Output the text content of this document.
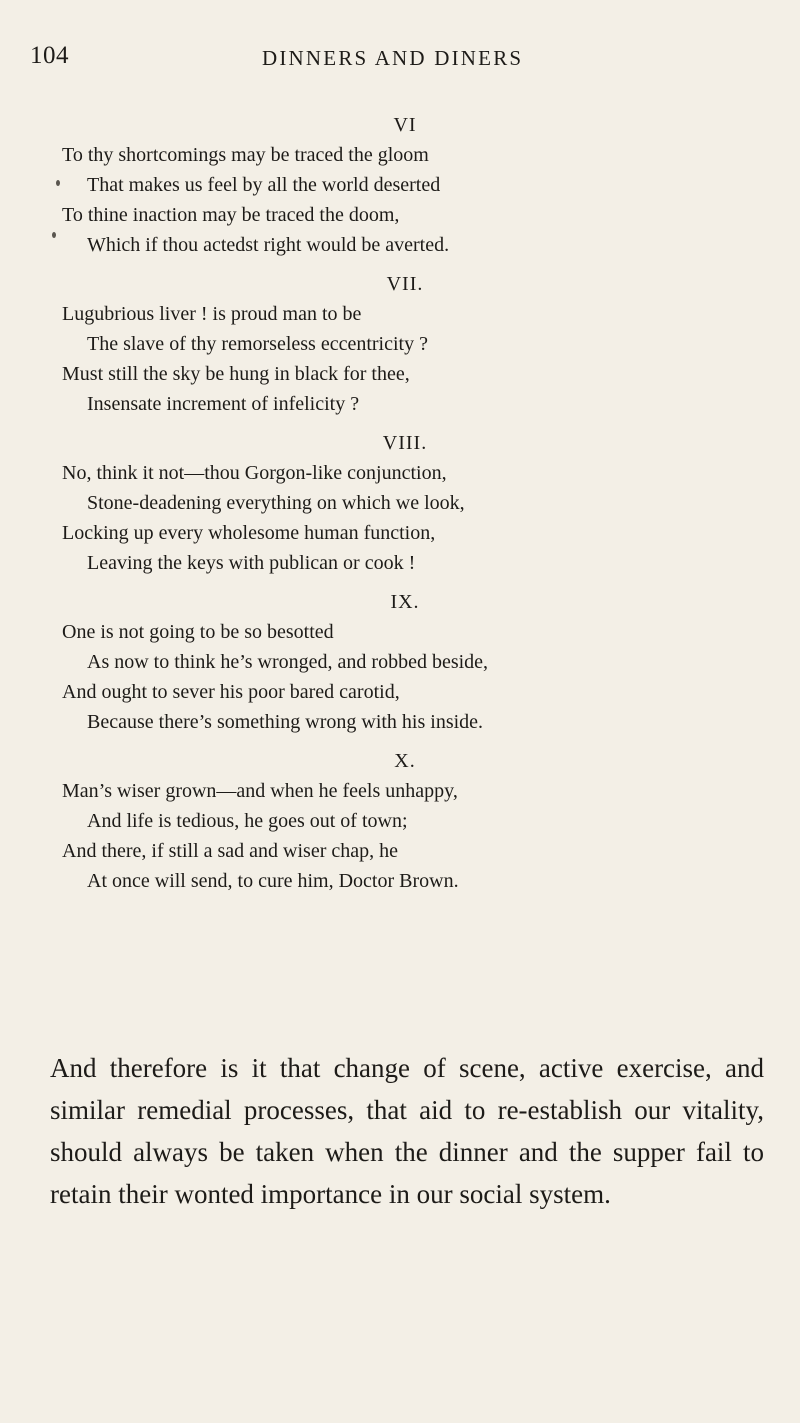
104	DINNERS AND DINERS

VI

To thy shortcomings may be traced the gloom

That makes us feel by all the world deserted

To thine inaction may be traced the doom,

Which if thou actedst right would be averted.

VII.

Lugubrious liver ! is proud man to be

The slave of thy remorseless eccentricity ?

Must still the sky be hung in black for thee,

Insensate increment of infelicity ?

VIII.

No, think it not—thou Gorgon-like conjunction,

Stone-deadening everything on which we look,

Locking up every wholesome human function,

Leaving the keys with publican or cook !

IX.

One is not going to be so besotted

As now to think he’s wronged, and robbed beside,

And ought to sever his poor bared carotid,

Because there’s something wrong with his inside.

X.

Man’s wiser grown—and when he feels unhappy,

And life is tedious, he goes out of town;

And there, if still a sad and wiser chap, he

At once will send, to cure him, Doctor Brown.

And therefore is it that change of scene, active exercise, and similar remedial processes, that aid to re-establish our vitality, should always be taken when the dinner and the supper fail to retain their wonted importance in our social system.
